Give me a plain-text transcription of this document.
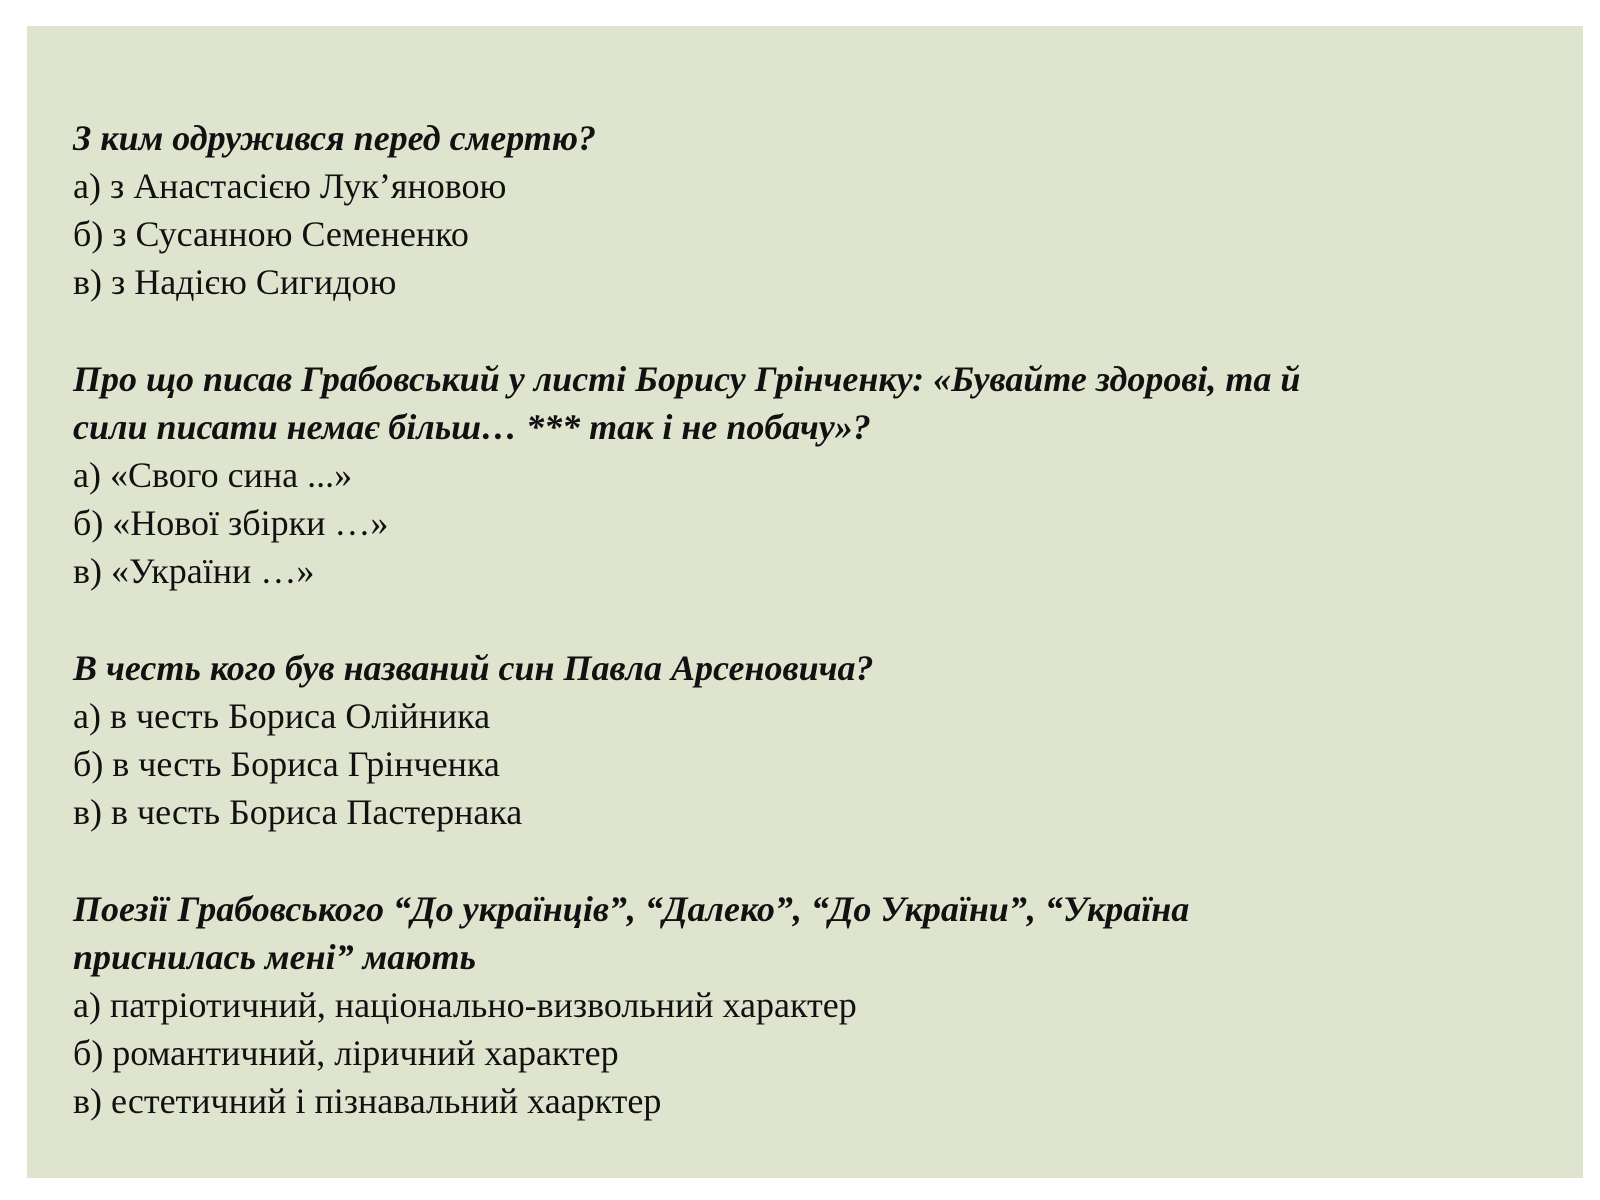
З ким одружився перед смертю?

а) з Анастасією Лук’яновою

б) з Сусанною Семененко

в) з Надією Сигидою

Про що писав Грабовський у листі Борису Грінченку: «Бувайте здорові, та й

сили писати немає більш… *** так і не побачу»?

а) «Свого сина ...»

б) «Нової збірки …»

в) «України …»

В честь кого був названий син Павла Арсеновича?

а) в честь Бориса Олійника

б) в честь Бориса Грінченка

в) в честь Бориса Пастернака

Поезії Грабовського “До українців”, “Далеко”, “До України”, “Україна

приснилась мені” мають

а) патріотичний, національно-визвольний характер

б) романтичний, ліричний характер

в) естетичний і пізнавальний хаарктер
